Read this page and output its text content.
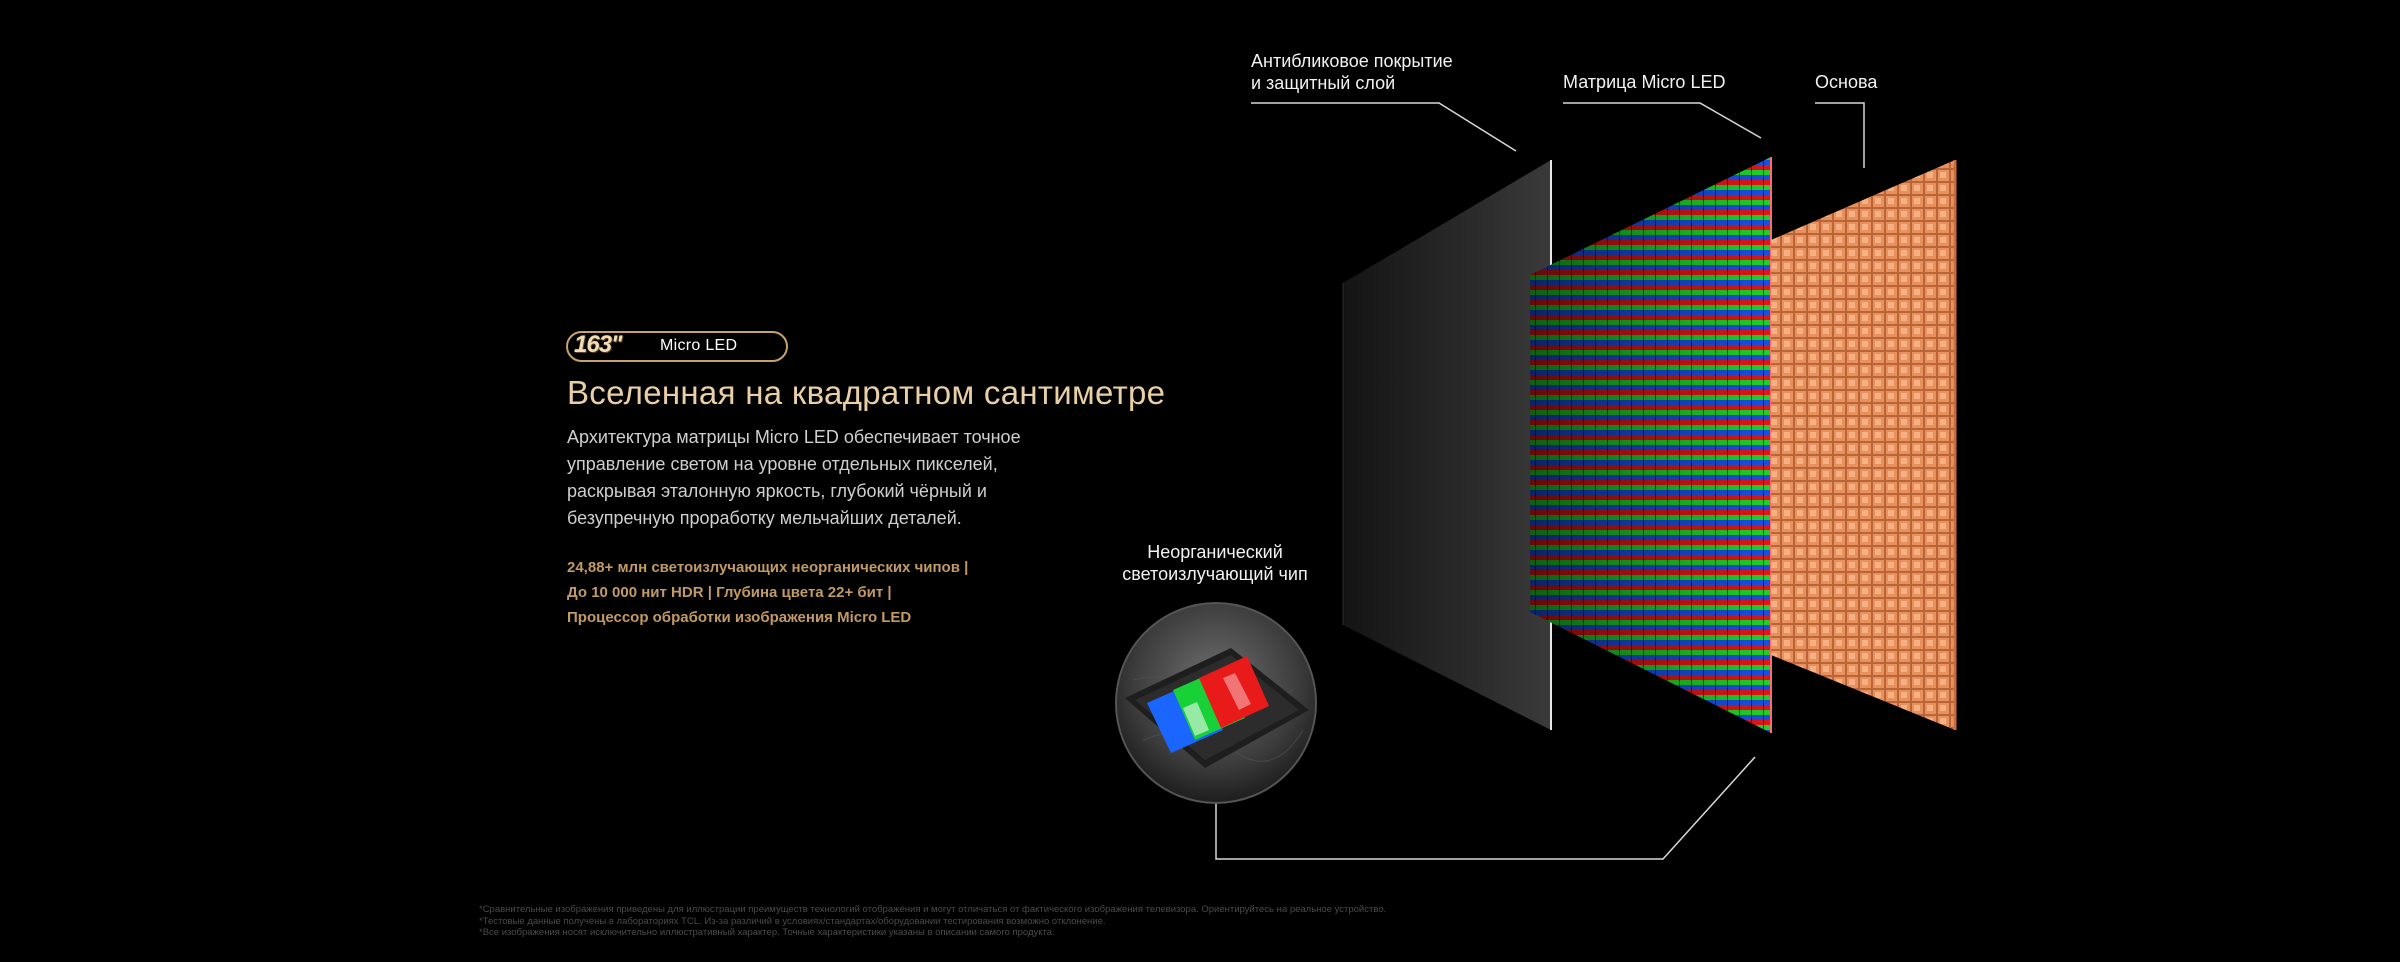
163" Micro LED
Вселенная на квадратном сантиметре

Архитектура матрицы Micro LED обеспечивает точное
управление светом на уровне отдельных пикселей,
раскрывая эталонную яркость, глубокий чёрный и
безупречную проработку мельчайших деталей.

24,88+ млн светоизлучающих неорганических чипов |
До 10 000 нит HDR | Глубина цвета 22+ бит |
Процессор обработки изображения Micro LED

Антибликовое покрытие
и защитный слой	Матрица Micro LED	Основа
Неорганический
светоизлучающий чип
*Сравнительные изображения приведены для иллюстрации преимуществ технологий отображения и могут отличаться от фактического изображения телевизора. Ориентируйтесь на реальное устройство.
*Тестовые данные получены в лабораториях TCL. Из-за различий в условиях/стандартах/оборудовании тестирования возможно отклонение.
*Все изображения носят исключительно иллюстративный характер. Точные характеристики указаны в описании самого продукта.
